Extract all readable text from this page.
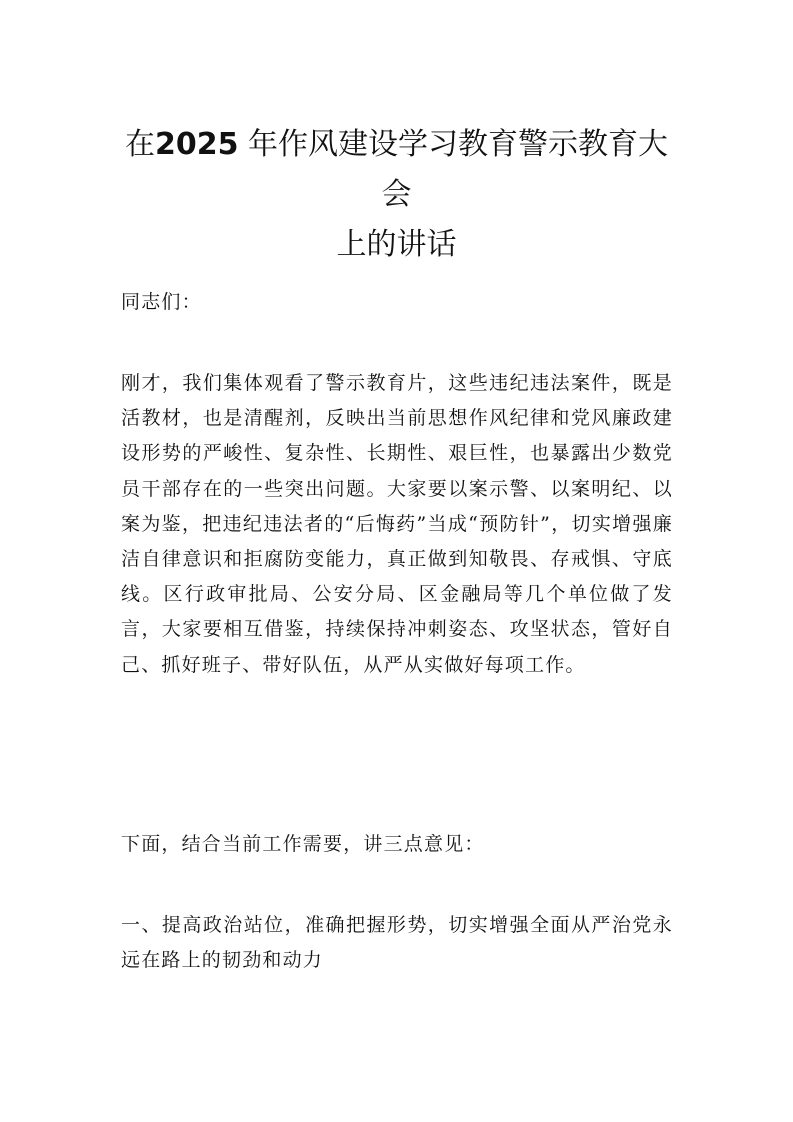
在2025 年作风建设学习教育警示教育大会
上的讲话

同志们：

刚才，我们集体观看了警示教育片，这些违纪违法案件，既是活教材，也是清醒剂，反映出当前思想作风纪律和党风廉政建设形势的严峻性、复杂性、长期性、艰巨性，也暴露出少数党员干部存在的一些突出问题。大家要以案示警、以案明纪、以案为鉴，把违纪违法者的“后悔药”当成“预防针”，切实增强廉洁自律意识和拒腐防变能力，真正做到知敬畏、存戒惧、守底线。区行政审批局、公安分局、区金融局等几个单位做了发言，大家要相互借鉴，持续保持冲刺姿态、攻坚状态，管好自己、抓好班子、带好队伍，从严从实做好每项工作。

下面，结合当前工作需要，讲三点意见：

一、提高政治站位，准确把握形势，切实增强全面从严治党永远在路上的韧劲和动力
